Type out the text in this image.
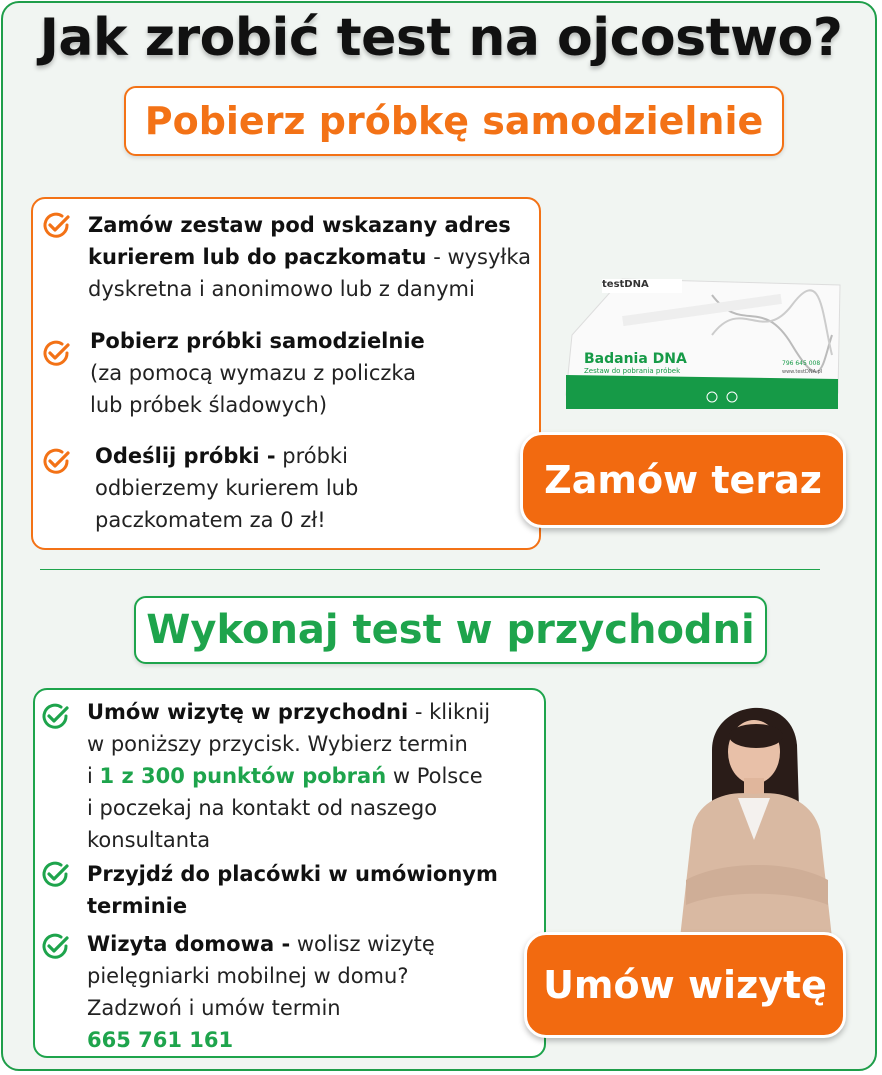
Jak zrobić test na ojcostwo?
Pobierz próbkę samodzielnie
Zamów zestaw pod wskazany adres
kurierem lub do paczkomatu - wysyłka
dyskretna i anonimowo lub z danymi
Pobierz próbki samodzielnie
(za pomocą wymazu z policzka
lub próbek śladowych)
Odeślij próbki - próbki
odbierzemy kurierem lub
paczkomatem za 0 zł!
testDNA
Badania DNA
Zestaw do pobrania próbek
796 645 008
www.testDNA.pl
Zamów teraz
Wykonaj test w przychodni
Umów wizytę w przychodni - kliknij
w poniższy przycisk. Wybierz termin
i 1 z 300 punktów pobrań w Polsce
i poczekaj na kontakt od naszego
konsultanta
Przyjdź do placówki w umówionym
terminie
Wizyta domowa - wolisz wizytę
pielęgniarki mobilnej w domu?
Zadzwoń i umów termin
665 761 161
Umów wizytę
